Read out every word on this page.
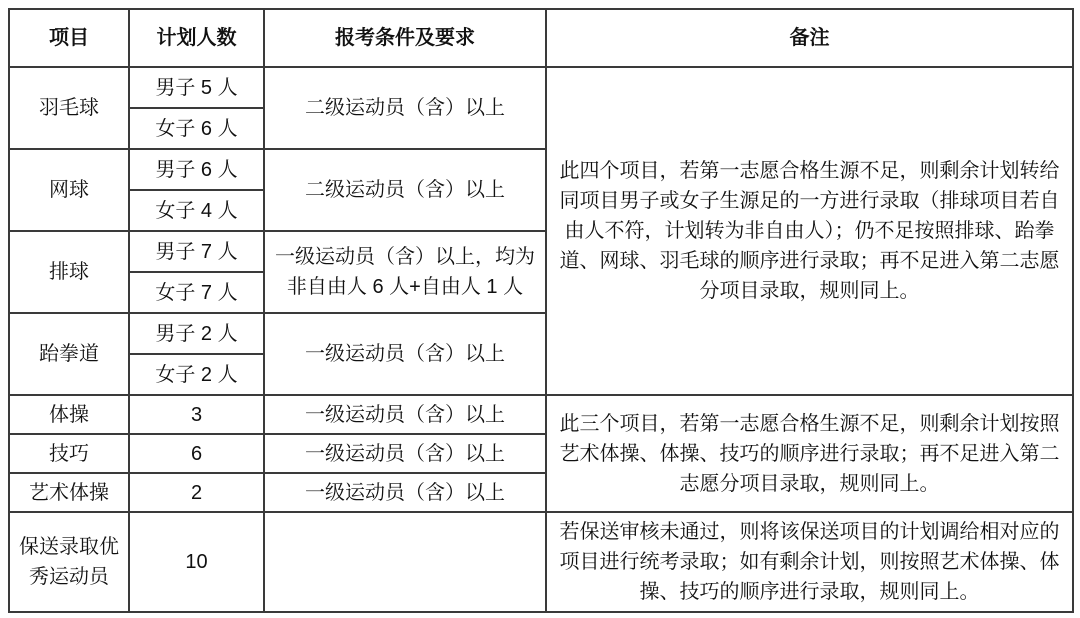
项目	计划人数	报考条件及要求	备注
羽毛球	男子 5 人	二级运动员（含）以上	此四个项目，若第一志愿合格生源不足，则剩余计划转给同项目男子或女子生源足的一方进行录取（排球项目若自由人不符，计划转为非自由人）；仍不足按照排球、跆拳道、网球、羽毛球的顺序进行录取；再不足进入第二志愿分项目录取，规则同上。
	女子 6 人		
网球	男子 6 人	二级运动员（含）以上	
	女子 4 人		
排球	男子 7 人	一级运动员（含）以上，均为非自由人 6 人+自由人 1 人	
	女子 7 人		
跆拳道	男子 2 人	一级运动员（含）以上	
	女子 2 人		
体操	3	一级运动员（含）以上	此三个项目，若第一志愿合格生源不足，则剩余计划按照艺术体操、体操、技巧的顺序进行录取；再不足进入第二志愿分项目录取，规则同上。
技巧	6	一级运动员（含）以上	
艺术体操	2	一级运动员（含）以上	
保送录取优秀运动员	10		若保送审核未通过，则将该保送项目的计划调给相对应的项目进行统考录取；如有剩余计划，则按照艺术体操、体操、技巧的顺序进行录取，规则同上。
